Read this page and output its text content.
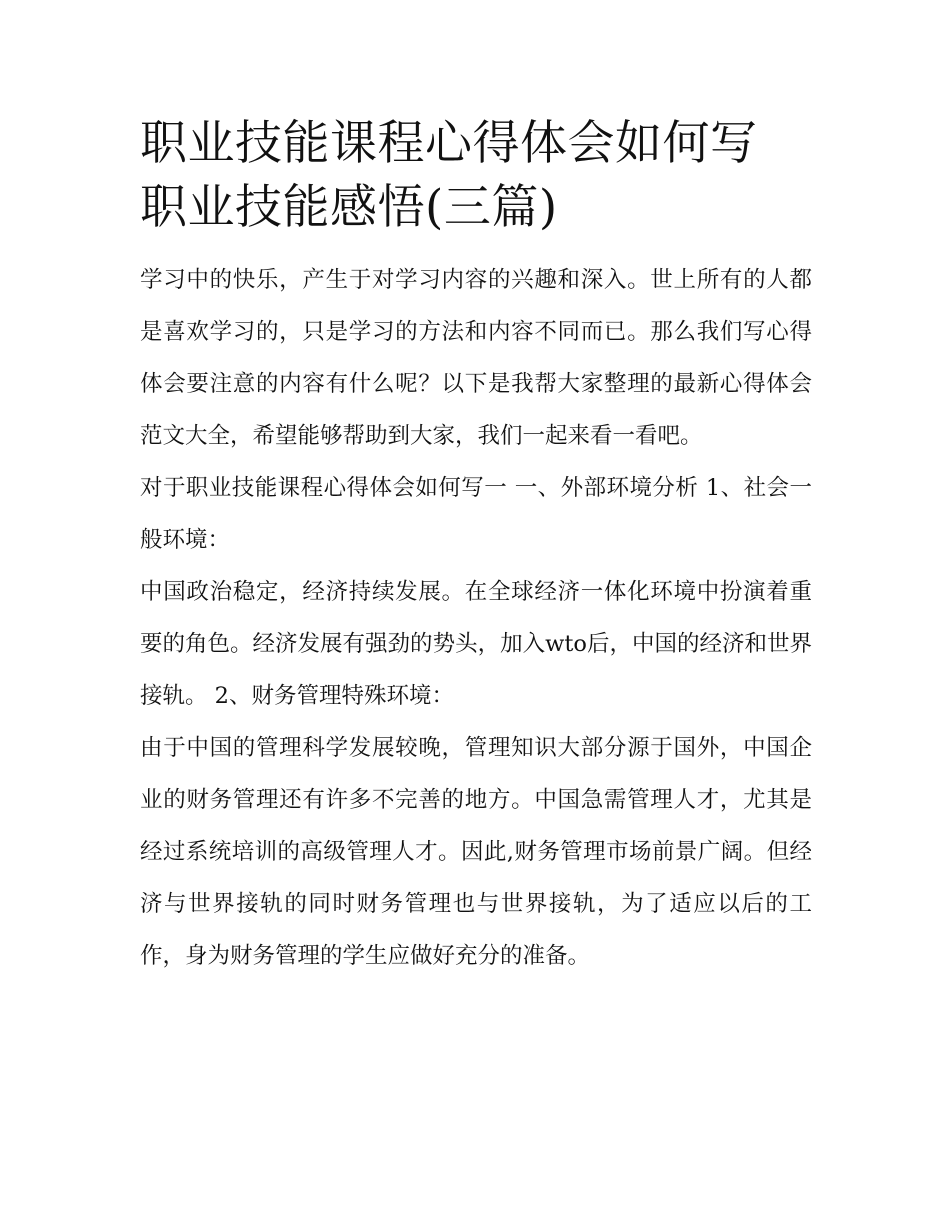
职业技能课程心得体会如何写
职业技能感悟(三篇)

学习中的快乐，产生于对学习内容的兴趣和深入。世上所有的人都是喜欢学习的，只是学习的方法和内容不同而已。那么我们写心得体会要注意的内容有什么呢？以下是我帮大家整理的最新心得体会范文大全，希望能够帮助到大家，我们一起来看一看吧。

对于职业技能课程心得体会如何写一 一、外部环境分析 1、社会一般环境：

中国政治稳定，经济持续发展。在全球经济一体化环境中扮演着重要的角色。经济发展有强劲的势头，加入wto后，中国的经济和世界接轨。 2、财务管理特殊环境：

由于中国的管理科学发展较晚，管理知识大部分源于国外，中国企业的财务管理还有许多不完善的地方。中国急需管理人才，尤其是经过系统培训的高级管理人才。因此,财务管理市场前景广阔。但经济与世界接轨的同时财务管理也与世界接轨，为了适应以后的工作，身为财务管理的学生应做好充分的准备。
